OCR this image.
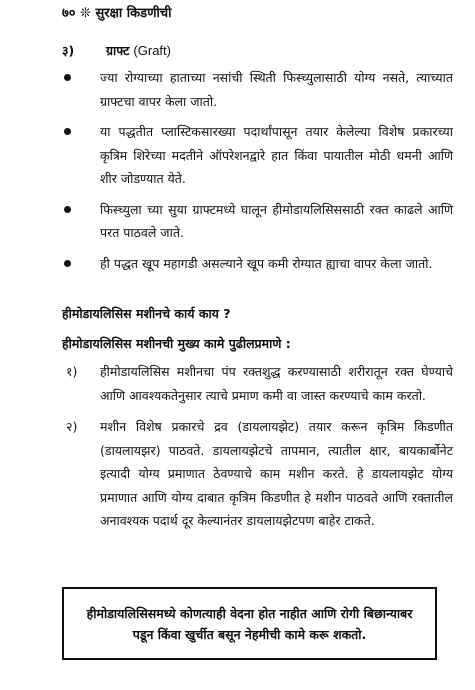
७० ❊ सुरक्षा किडणीची
३)	ग्राफ्ट (Graft)
ज्या रोग्याच्या हाताच्या नसांची स्थिती फिस्च्युलासाठी योग्य नसते, त्याच्यात ग्राफ्टचा वापर केला जातो.
या पद्धतीत प्लास्टिकसारख्या पदार्थांपासून तयार केलेल्या विशेष प्रकारच्या कृत्रिम शिरेच्या मदतीने ऑपरेशनद्वारे हात किंवा पायातील मोठी धमनी आणि शीर जोडण्यात येते.
फिस्च्युला च्या सुया ग्राफ्टमध्ये घालून हीमोडायलिसिससाठी रक्त काढले आणि परत पाठवले जाते.
ही पद्धत खूप महागडी असल्याने खूप कमी रोग्यात ह्याचा वापर केला जातो.
हीमोडायलिसिस मशीनचे कार्य काय ?
हीमोडायलिसिस मशीनची मुख्य कामे पुढीलप्रमाणे :
१) हीमोडायलिसिस मशीनचा पंप रक्तशुद्ध करण्यासाठी शरीरातून रक्त घेण्याचे आणि आवश्यकतेनुसार त्याचे प्रमाण कमी वा जास्त करण्याचे काम करतो.
२) मशीन विशेष प्रकारचे द्रव (डायलायझेट) तयार करून कृत्रिम किडणीत (डायलायझर) पाठवते. डायलायझेटचे तापमान, त्यातील क्षार, बायकार्बोनेट इत्यादी योग्य प्रमाणात ठेवण्याचे काम मशीन करते. हे डायलायझेट योग्य प्रमाणात आणि योग्य दाबात कृत्रिम किडणीत हे मशीन पाठवते आणि रक्तातील अनावश्यक पदार्थ दूर केल्यानंतर डायलायझेटपण बाहेर टाकते.
हीमोडायलिसिसमध्ये कोणत्याही वेदना होत नाहीत आणि रोगी बिछान्याबर पडून किंवा खुर्चीत बसून नेहमीची कामे करू शकतो.
